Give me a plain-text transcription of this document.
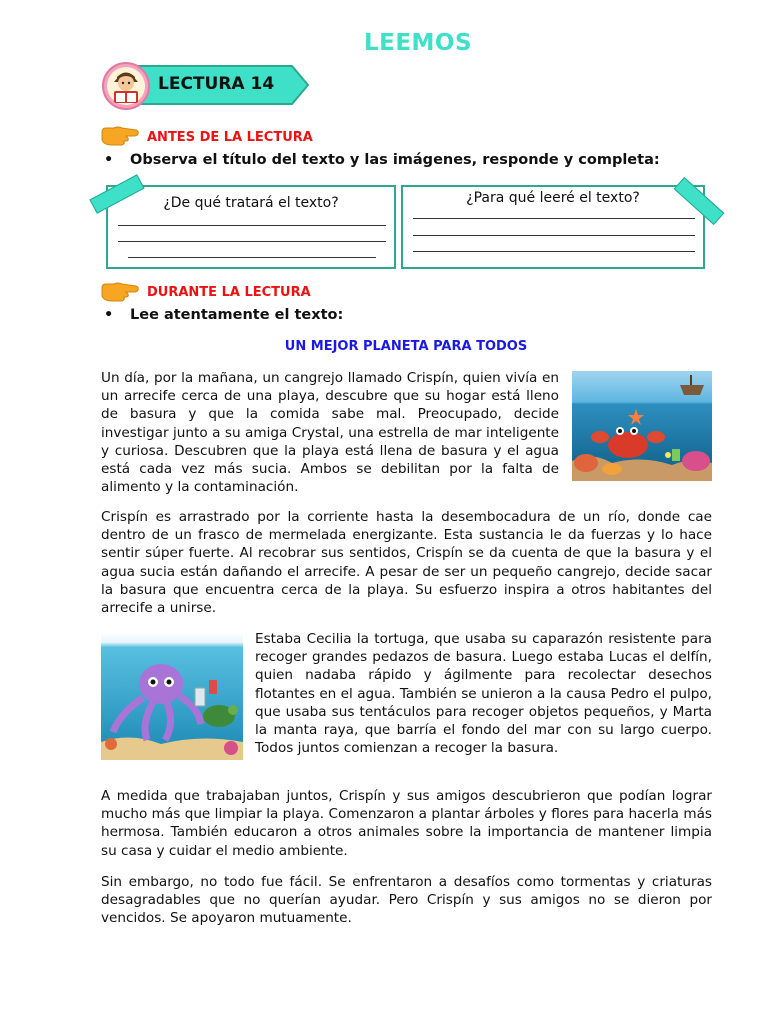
LEEMOS
LECTURA 14
ANTES DE LA LECTURA
• Observa el título del texto y las imágenes, responde y completa:
¿De qué tratará el texto?	¿Para qué leeré el texto?
DURANTE LA LECTURA
• Lee atentamente el texto:
UN MEJOR PLANETA PARA TODOS
Un día, por la mañana, un cangrejo llamado Crispín, quien vivía en un arrecife cerca de una playa, descubre que su hogar está lleno de basura y que la comida sabe mal. Preocupado, decide investigar junto a su amiga Crystal, una estrella de mar inteligente y curiosa. Descubren que la playa está llena de basura y el agua está cada vez más sucia. Ambos se debilitan por la falta de alimento y la contaminación.
Crispín es arrastrado por la corriente hasta la desembocadura de un río, donde cae dentro de un frasco de mermelada energizante. Esta sustancia le da fuerzas y lo hace sentir súper fuerte. Al recobrar sus sentidos, Crispín se da cuenta de que la basura y el agua sucia están dañando el arrecife. A pesar de ser un pequeño cangrejo, decide sacar la basura que encuentra cerca de la playa. Su esfuerzo inspira a otros habitantes del arrecife a unirse.
Estaba Cecilia la tortuga, que usaba su caparazón resistente para recoger grandes pedazos de basura. Luego estaba Lucas el delfín, quien nadaba rápido y ágilmente para recolectar desechos flotantes en el agua. También se unieron a la causa Pedro el pulpo, que usaba sus tentáculos para recoger objetos pequeños, y Marta la manta raya, que barría el fondo del mar con su largo cuerpo. Todos juntos comienzan a recoger la basura.
A medida que trabajaban juntos, Crispín y sus amigos descubrieron que podían lograr mucho más que limpiar la playa. Comenzaron a plantar árboles y flores para hacerla más hermosa. También educaron a otros animales sobre la importancia de mantener limpia su casa y cuidar el medio ambiente.
Sin embargo, no todo fue fácil. Se enfrentaron a desafíos como tormentas y criaturas desagradables que no querían ayudar. Pero Crispín y sus amigos no se dieron por vencidos. Se apoyaron mutuamente.
